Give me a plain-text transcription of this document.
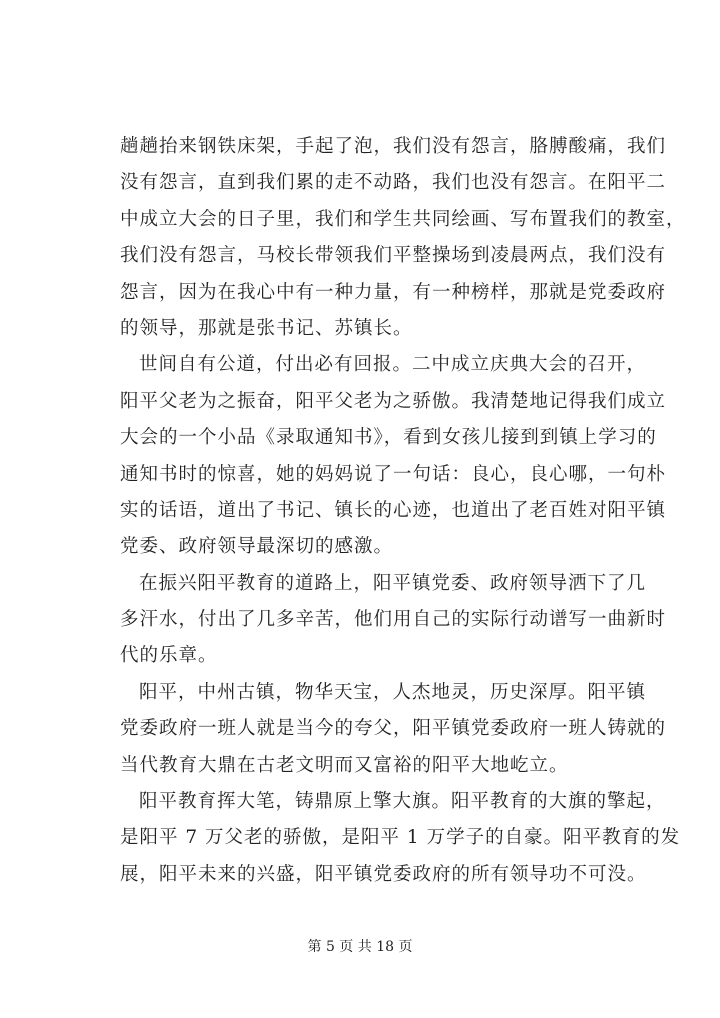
趟趟抬来钢铁床架，手起了泡，我们没有怨言，胳膊酸痛，我们
没有怨言，直到我们累的走不动路，我们也没有怨言。在阳平二
中成立大会的日子里，我们和学生共同绘画、写布置我们的教室，
我们没有怨言，马校长带领我们平整操场到凌晨两点，我们没有
怨言，因为在我心中有一种力量，有一种榜样，那就是党委政府
的领导，那就是张书记、苏镇长。
世间自有公道，付出必有回报。二中成立庆典大会的召开，
阳平父老为之振奋，阳平父老为之骄傲。我清楚地记得我们成立
大会的一个小品《录取通知书》，看到女孩儿接到到镇上学习的
通知书时的惊喜，她的妈妈说了一句话：良心，良心哪，一句朴
实的话语，道出了书记、镇长的心迹，也道出了老百姓对阳平镇
党委、政府领导最深切的感激。
在振兴阳平教育的道路上，阳平镇党委、政府领导洒下了几
多汗水，付出了几多辛苦，他们用自己的实际行动谱写一曲新时
代的乐章。
阳平，中州古镇，物华天宝，人杰地灵，历史深厚。阳平镇
党委政府一班人就是当今的夸父，阳平镇党委政府一班人铸就的
当代教育大鼎在古老文明而又富裕的阳平大地屹立。
阳平教育挥大笔，铸鼎原上擎大旗。阳平教育的大旗的擎起，
是阳平 7 万父老的骄傲，是阳平 1 万学子的自豪。阳平教育的发
展，阳平未来的兴盛，阳平镇党委政府的所有领导功不可没。
第 5 页 共 18 页
